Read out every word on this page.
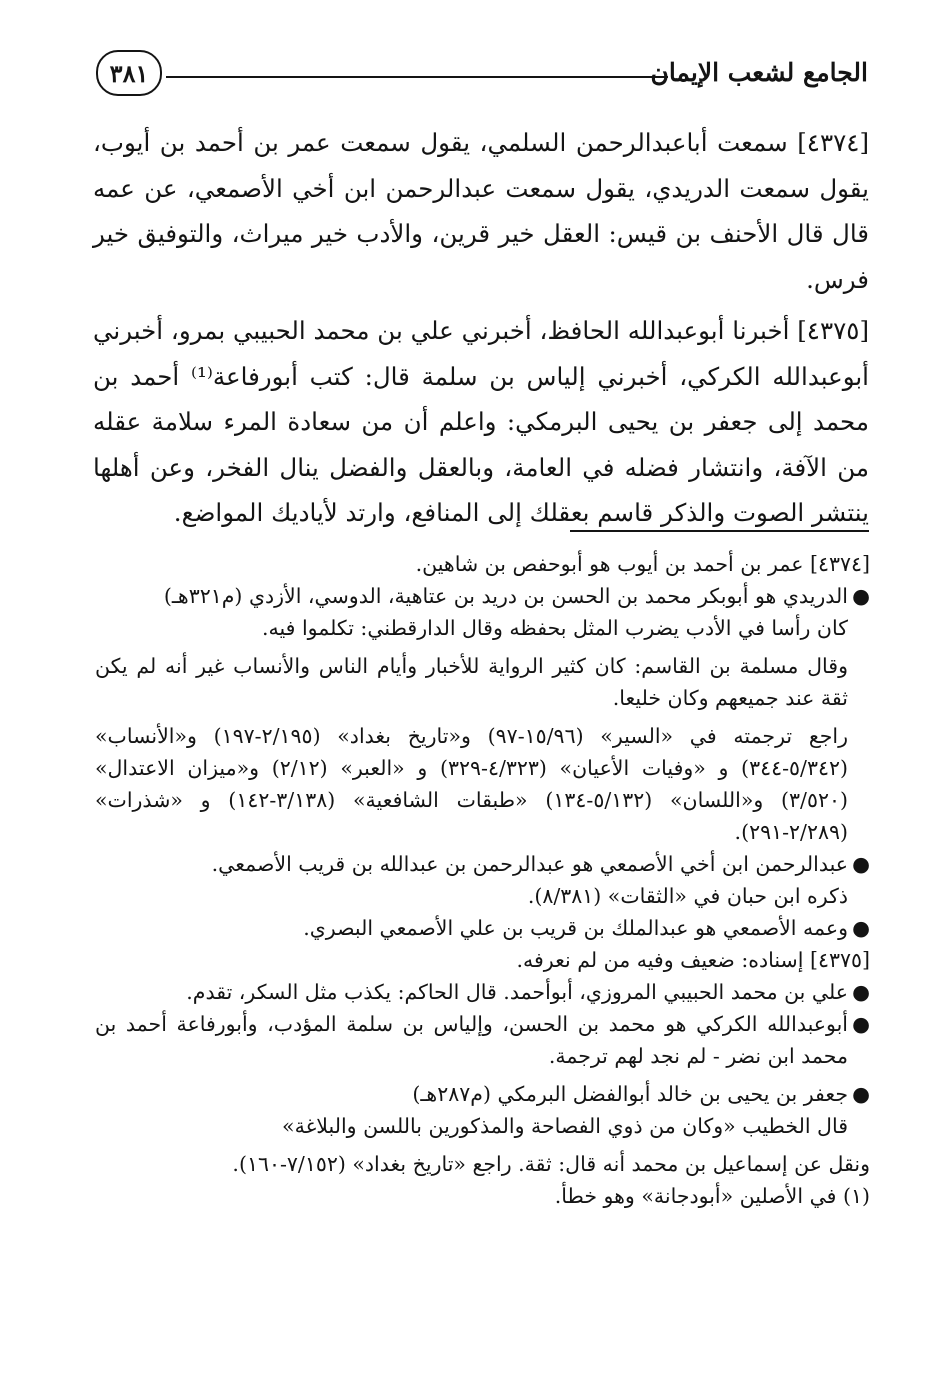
الجامع لشعب الإيمان
٣٨١

[٤٣٧٤] سمعت أباعبدالرحمن السلمي، يقول سمعت عمر بن أحمد بن أيوب، يقول سمعت الدريدي، يقول سمعت عبدالرحمن ابن أخي الأصمعي، عن عمه قال قال الأحنف بن قيس: العقل خير قرين، والأدب خير ميراث، والتوفيق خير فرس.

[٤٣٧٥] أخبرنا أبوعبدالله الحافظ، أخبرني علي بن محمد الحبيبي بمرو، أخبرني أبوعبدالله الكركي، أخبرني إلياس بن سلمة قال: كتب أبورفاعة⁽¹⁾ أحمد بن محمد إلى جعفر بن يحيى البرمكي: واعلم أن من سعادة المرء سلامة عقله من الآفة، وانتشار فضله في العامة، وبالعقل والفضل ينال الفخر، وعن أهلها ينتشر الصوت والذكر قاسم بعقلك إلى المنافع، وارتد لأياديك المواضع.

[٤٣٧٤] عمر بن أحمد بن أيوب هو أبوحفص بن شاهين.

●الدريدي هو أبوبكر محمد بن الحسن بن دريد بن عتاهية، الدوسي، الأزدي (م٣٢١هـ)

كان رأسا في الأدب يضرب المثل بحفظه وقال الدارقطني: تكلموا فيه.

وقال مسلمة بن القاسم: كان كثير الرواية للأخبار وأيام الناس والأنساب غير أنه لم يكن ثقة عند جميعهم وكان خليعا.

راجع ترجمته في «السير» (١٥/٩٦-٩٧) و«تاريخ بغداد» (٢/١٩٥-١٩٧) و«الأنساب» (٥/٣٤٢-٣٤٤) و «وفيات الأعيان» (٤/٣٢٣-٣٢٩) و «العبر» (٢/١٢) و«ميزان الاعتدال» (٣/٥٢٠) و«اللسان» (٥/١٣٢-١٣٤) «طبقات الشافعية» (٣/١٣٨-١٤٢) و «شذرات» (٢/٢٨٩-٢٩١).

●عبدالرحمن ابن أخي الأصمعي هو عبدالرحمن بن عبدالله بن قريب الأصمعي.

ذكره ابن حبان في «الثقات» (٨/٣٨١).

●وعمه الأصمعي هو عبدالملك بن قريب بن علي الأصمعي البصري.

[٤٣٧٥] إسناده: ضعيف وفيه من لم نعرفه.

●علي بن محمد الحبيبي المروزي، أبوأحمد. قال الحاكم: يكذب مثل السكر، تقدم.

●أبوعبدالله الكركي هو محمد بن الحسن، وإلياس بن سلمة المؤدب، وأبورفاعة أحمد بن محمد ابن نضر - لم نجد لهم ترجمة.

●جعفر بن يحيى بن خالد أبوالفضل البرمكي (م٢٨٧هـ)

قال الخطيب «وكان من ذوي الفصاحة والمذكورين باللسن والبلاغة»

ونقل عن إسماعيل بن محمد أنه قال: ثقة. راجع «تاريخ بغداد» (٧/١٥٢-١٦٠).

(١) في الأصلين «أبودجانة» وهو خطأ.
